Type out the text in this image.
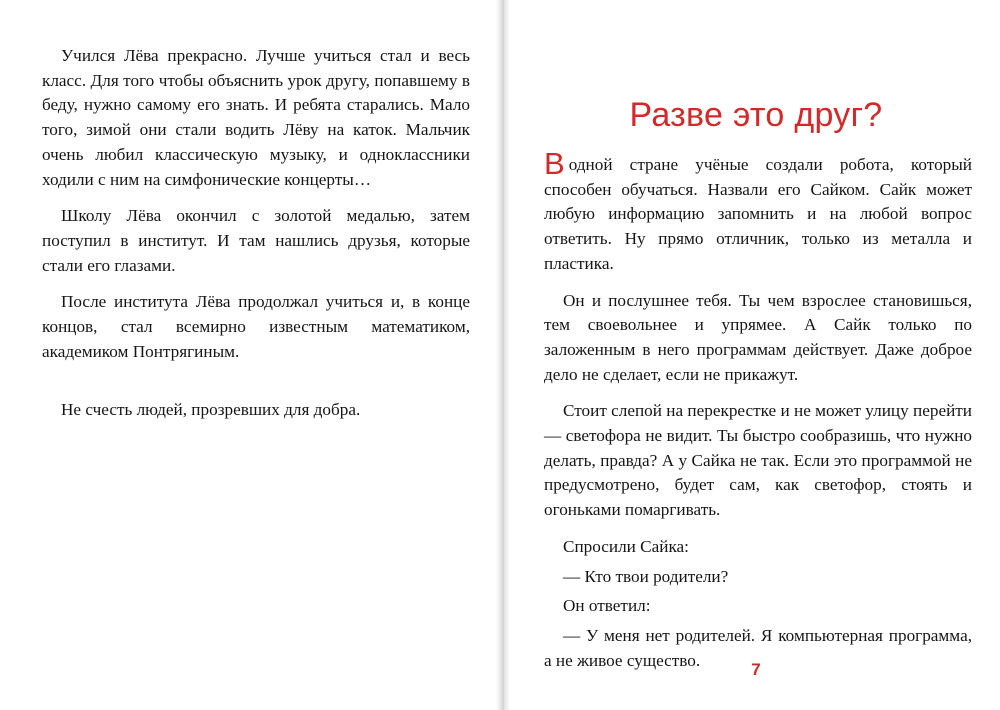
Учился Лёва прекрасно. Лучше учиться стал и весь класс. Для того чтобы объяснить урок другу, попавшему в беду, нужно самому его знать. И ребята старались. Мало того, зимой они стали водить Лёву на каток. Мальчик очень любил классическую музыку, и одноклассники ходили с ним на симфонические концерты…

Школу Лёва окончил с золотой медалью, затем поступил в институт. И там нашлись друзья, которые стали его глазами.

После института Лёва продолжал учиться и, в конце концов, стал всемирно известным математиком, академиком Понтрягиным.

Не счесть людей, прозревших для добра.

Разве это друг?

В одной стране учёные создали робота, который способен обучаться. Назвали его Сайком. Сайк может любую информацию запомнить и на любой вопрос ответить. Ну прямо отличник, только из металла и пластика.

Он и послушнее тебя. Ты чем взрослее становишься, тем своевольнее и упрямее. А Сайк только по заложенным в него программам действует. Даже доброе дело не сделает, если не прикажут.

Стоит слепой на перекрестке и не может улицу перейти — светофора не видит. Ты быстро сообразишь, что нужно делать, правда? А у Сайка не так. Если это программой не предусмотрено, будет сам, как светофор, стоять и огоньками помаргивать.

Спросили Сайка:

— Кто твои родители?

Он ответил:

— У меня нет родителей. Я компьютерная программа, а не живое существо.	7
